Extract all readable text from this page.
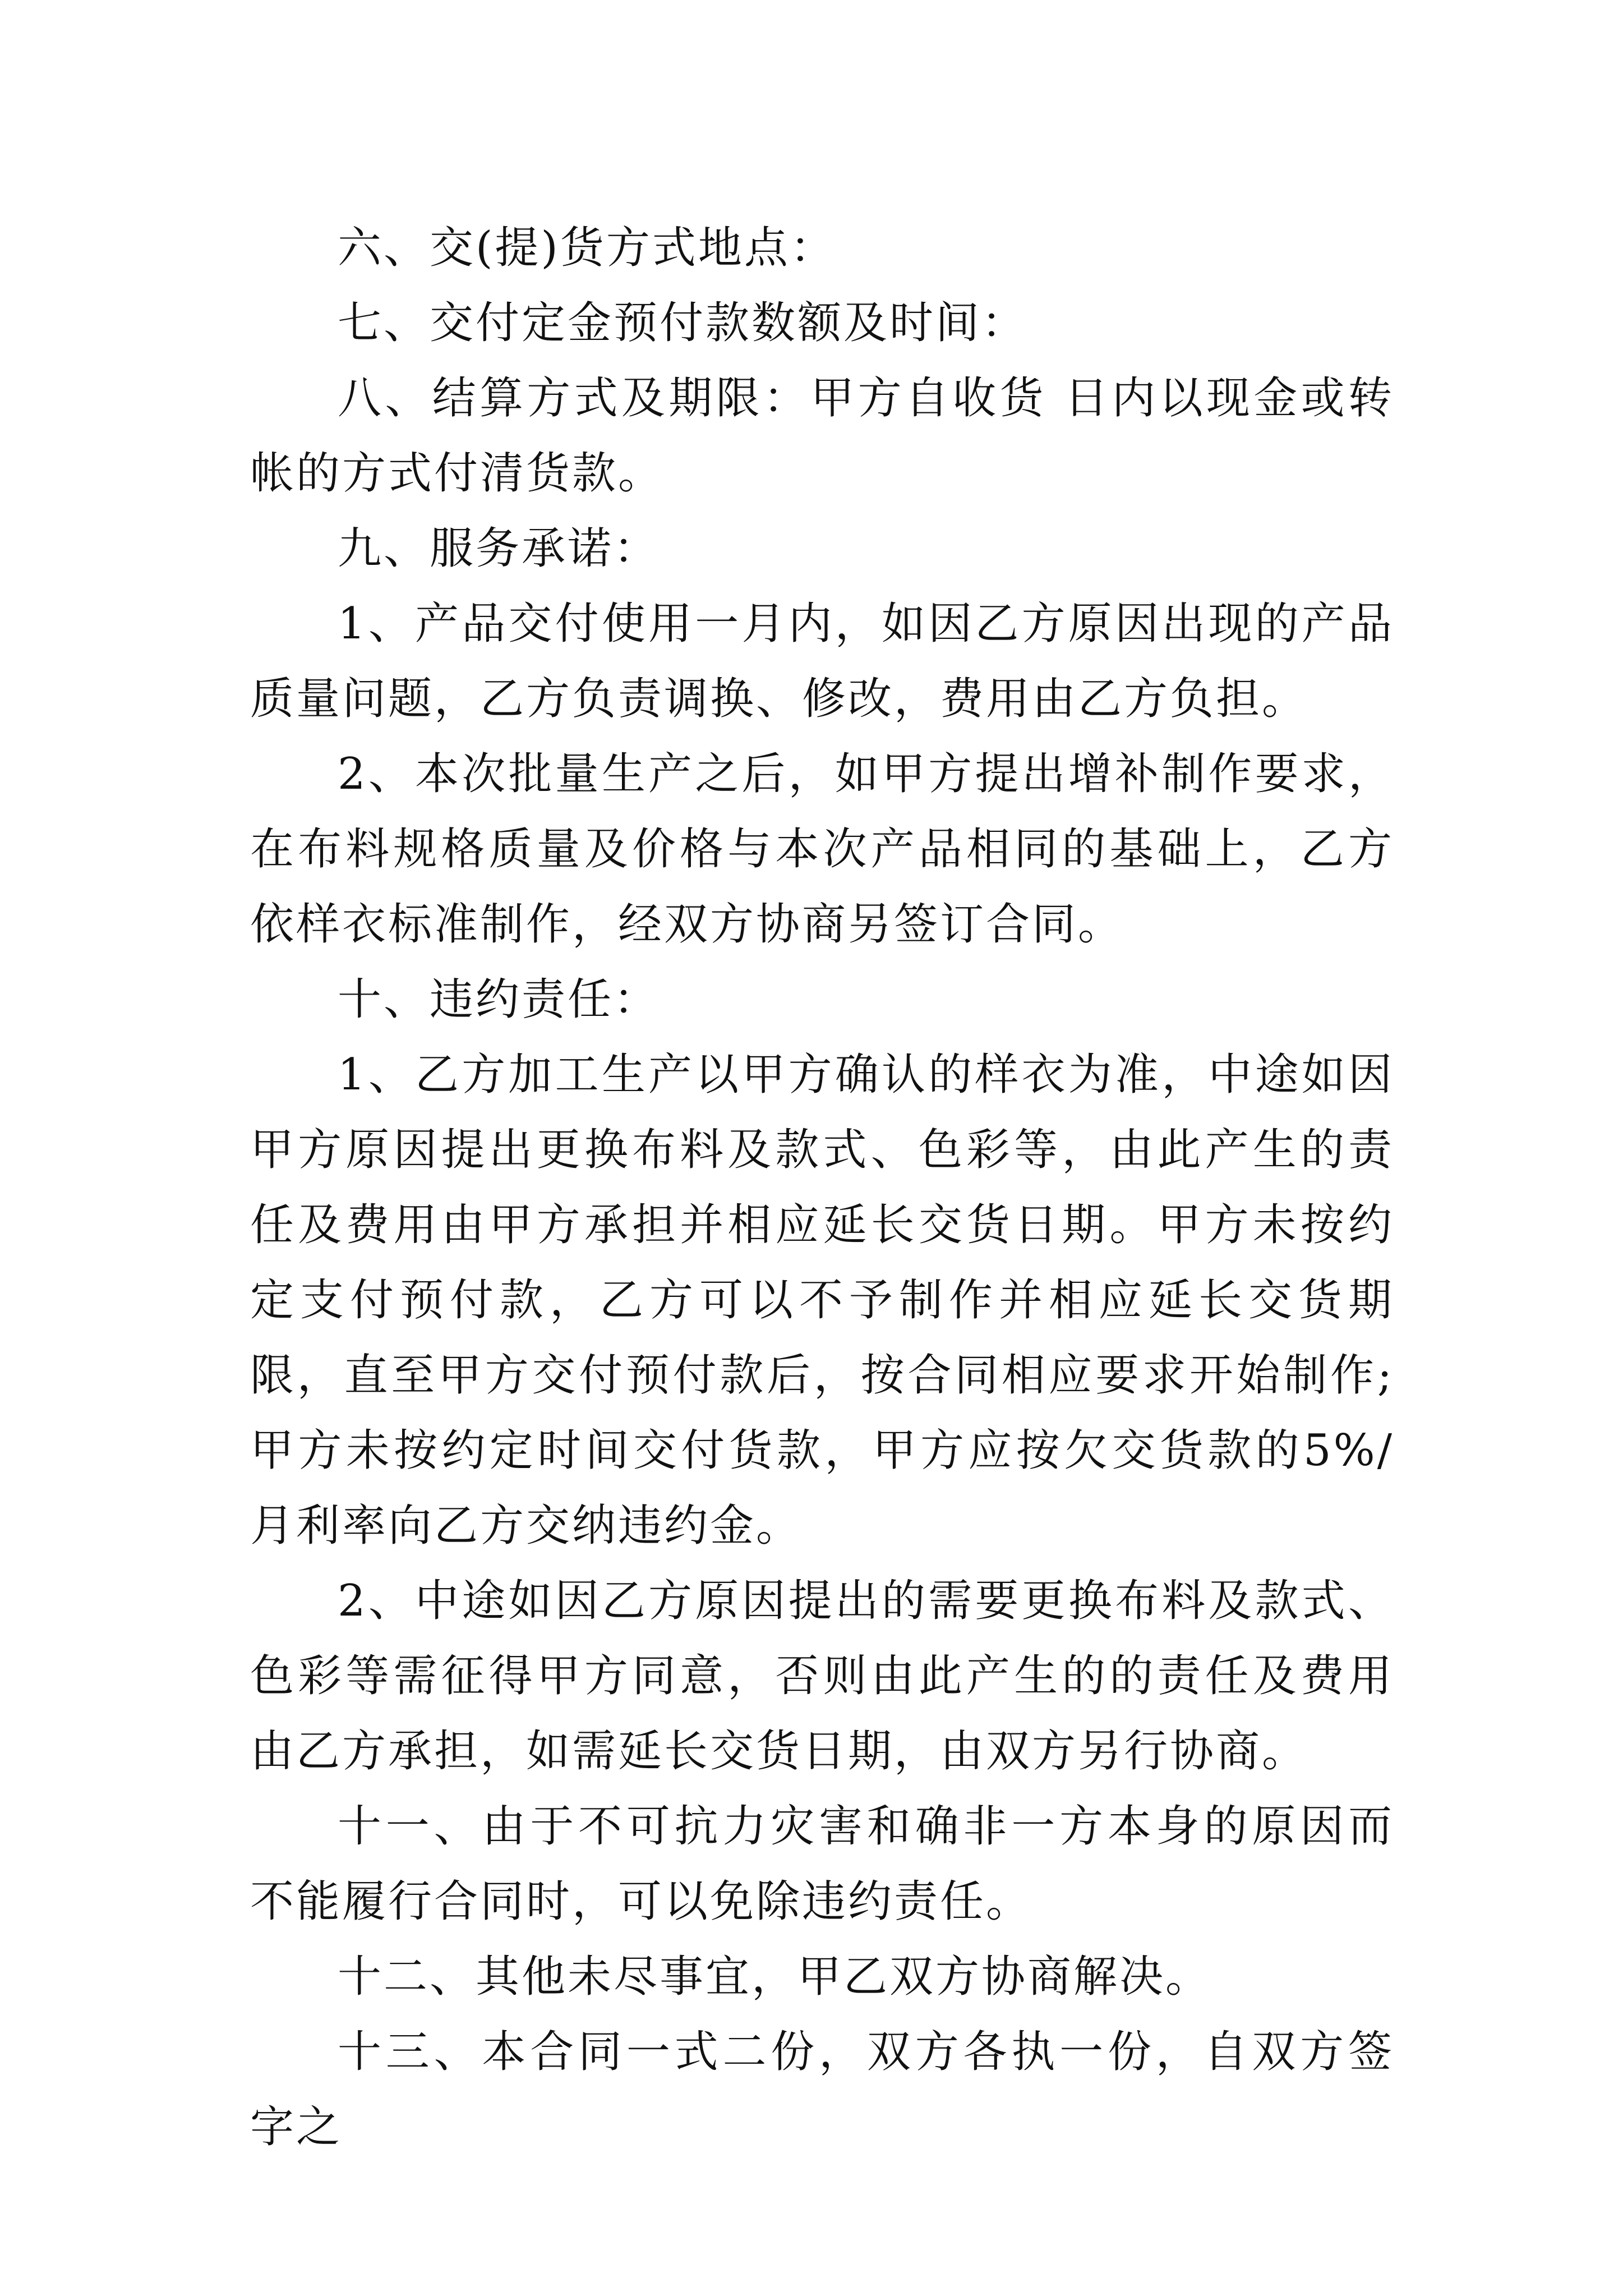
六、交(提)货方式地点：

七、交付定金预付款数额及时间：

八、结算方式及期限：甲方自收货 日内以现金或转帐的方式付清货款。

九、服务承诺：

1、产品交付使用一月内，如因乙方原因出现的产品质量问题，乙方负责调换、修改，费用由乙方负担。

2、本次批量生产之后，如甲方提出增补制作要求，在布料规格质量及价格与本次产品相同的基础上，乙方依样衣标准制作，经双方协商另签订合同。

十、违约责任：

1、乙方加工生产以甲方确认的样衣为准，中途如因甲方原因提出更换布料及款式、色彩等，由此产生的责任及费用由甲方承担并相应延长交货日期。甲方未按约定支付预付款，乙方可以不予制作并相应延长交货期限，直至甲方交付预付款后，按合同相应要求开始制作;甲方未按约定时间交付货款，甲方应按欠交货款的5%/月利率向乙方交纳违约金。

2、中途如因乙方原因提出的需要更换布料及款式、色彩等需征得甲方同意，否则由此产生的的责任及费用由乙方承担，如需延长交货日期，由双方另行协商。

十一、由于不可抗力灾害和确非一方本身的原因而不能履行合同时，可以免除违约责任。

十二、其他未尽事宜，甲乙双方协商解决。

十三、本合同一式二份，双方各执一份，自双方签字之
